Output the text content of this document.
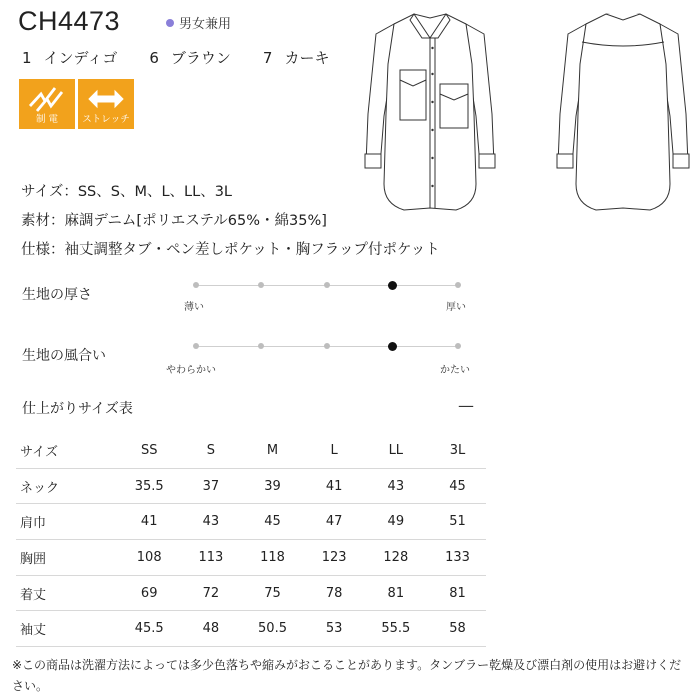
CH4473	男女兼用
1 インディゴ 6 ブラウン 7 カーキ
制 電	ストレッチ
サイズ：SS、S、M、L、LL、3L
素材：麻調デニム[ポリエステル65%・綿35%]
仕様：袖丈調整タブ・ペン差しポケット・胸フラップ付ポケット
生地の厚さ
薄い	厚い
生地の風合い
やわらかい	かたい
仕上がりサイズ表	—
サイズ	SS	S	M	L	LL	3L
ネック	35.5	37	39	41	43	45
肩巾	41	43	45	47	49	51
胸囲	108	113	118	123	128	133
着丈	69	72	75	78	81	81
袖丈	45.5	48	50.5	53	55.5	58
※この商品は洗濯方法によっては多少色落ちや縮みがおこることがあります。タンブラー乾燥及び漂白剤の使用はお避けください。
